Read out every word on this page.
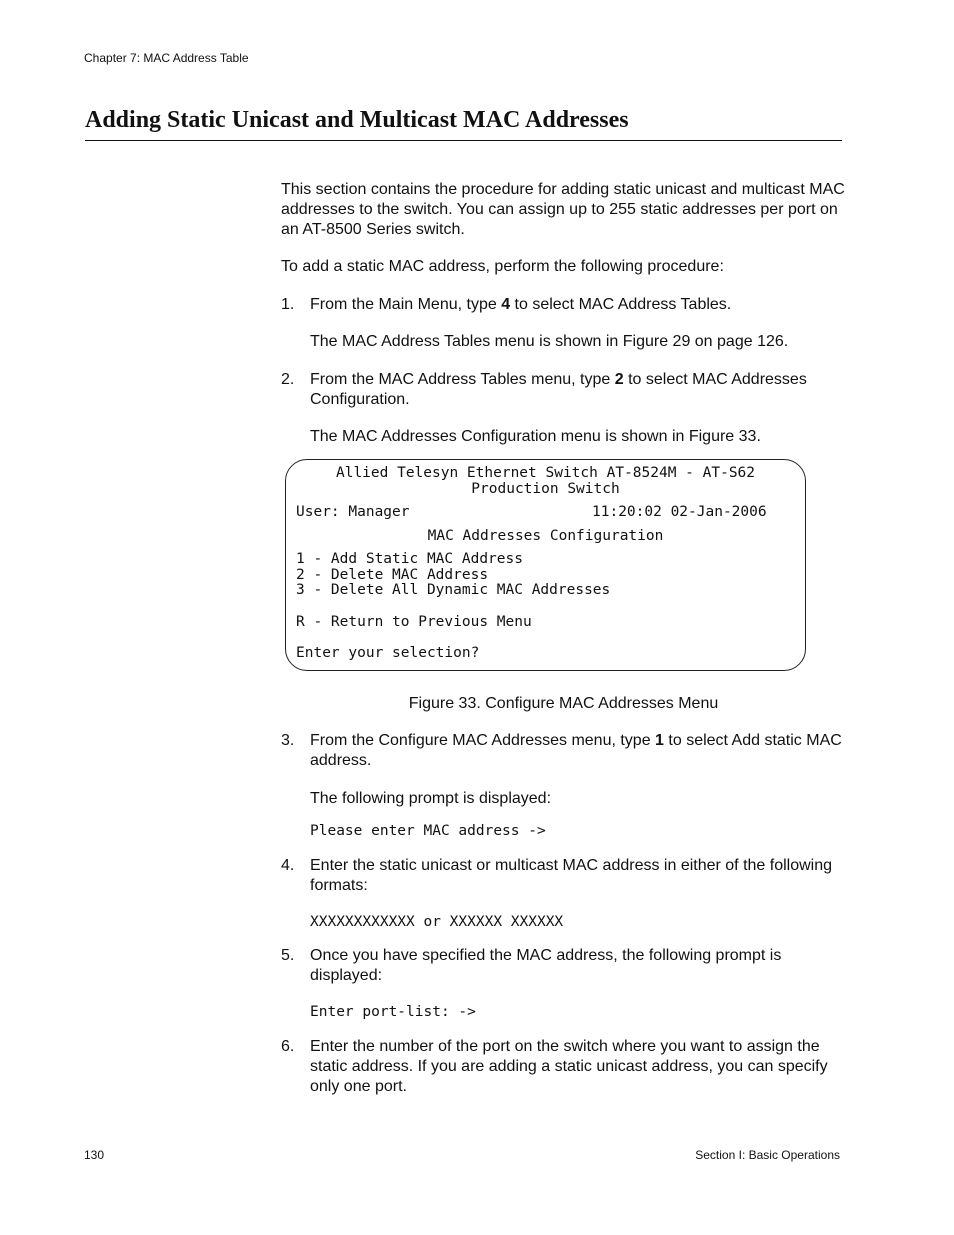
Chapter 7: MAC Address Table
Adding Static Unicast and Multicast MAC Addresses

This section contains the procedure for adding static unicast and multicast MAC addresses to the switch. You can assign up to 255 static addresses per port on an AT-8500 Series switch.

To add a static MAC address, perform the following procedure:

1. From the Main Menu, type 4 to select MAC Address Tables.

The MAC Address Tables menu is shown in Figure 29 on page 126.

2. From the MAC Address Tables menu, type 2 to select MAC Addresses Configuration.

The MAC Addresses Configuration menu is shown in Figure 33.

Allied Telesyn Ethernet Switch AT-8524M - AT-S62
Production Switch
User: Manager	11:20:02 02-Jan-2006
MAC Addresses Configuration
1 - Add Static MAC Address
2 - Delete MAC Address
3 - Delete All Dynamic MAC Addresses
R - Return to Previous Menu
Enter your selection?
Figure 33. Configure MAC Addresses Menu
3. From the Configure MAC Addresses menu, type 1 to select Add static MAC address.

The following prompt is displayed:

Please enter MAC address ->
4. Enter the static unicast or multicast MAC address in either of the following formats:

XXXXXXXXXXXX or XXXXXX XXXXXX
5. Once you have specified the MAC address, the following prompt is displayed:

Enter port-list: ->
6. Enter the number of the port on the switch where you want to assign the static address. If you are adding a static unicast address, you can specify only one port.

130	Section I: Basic Operations
